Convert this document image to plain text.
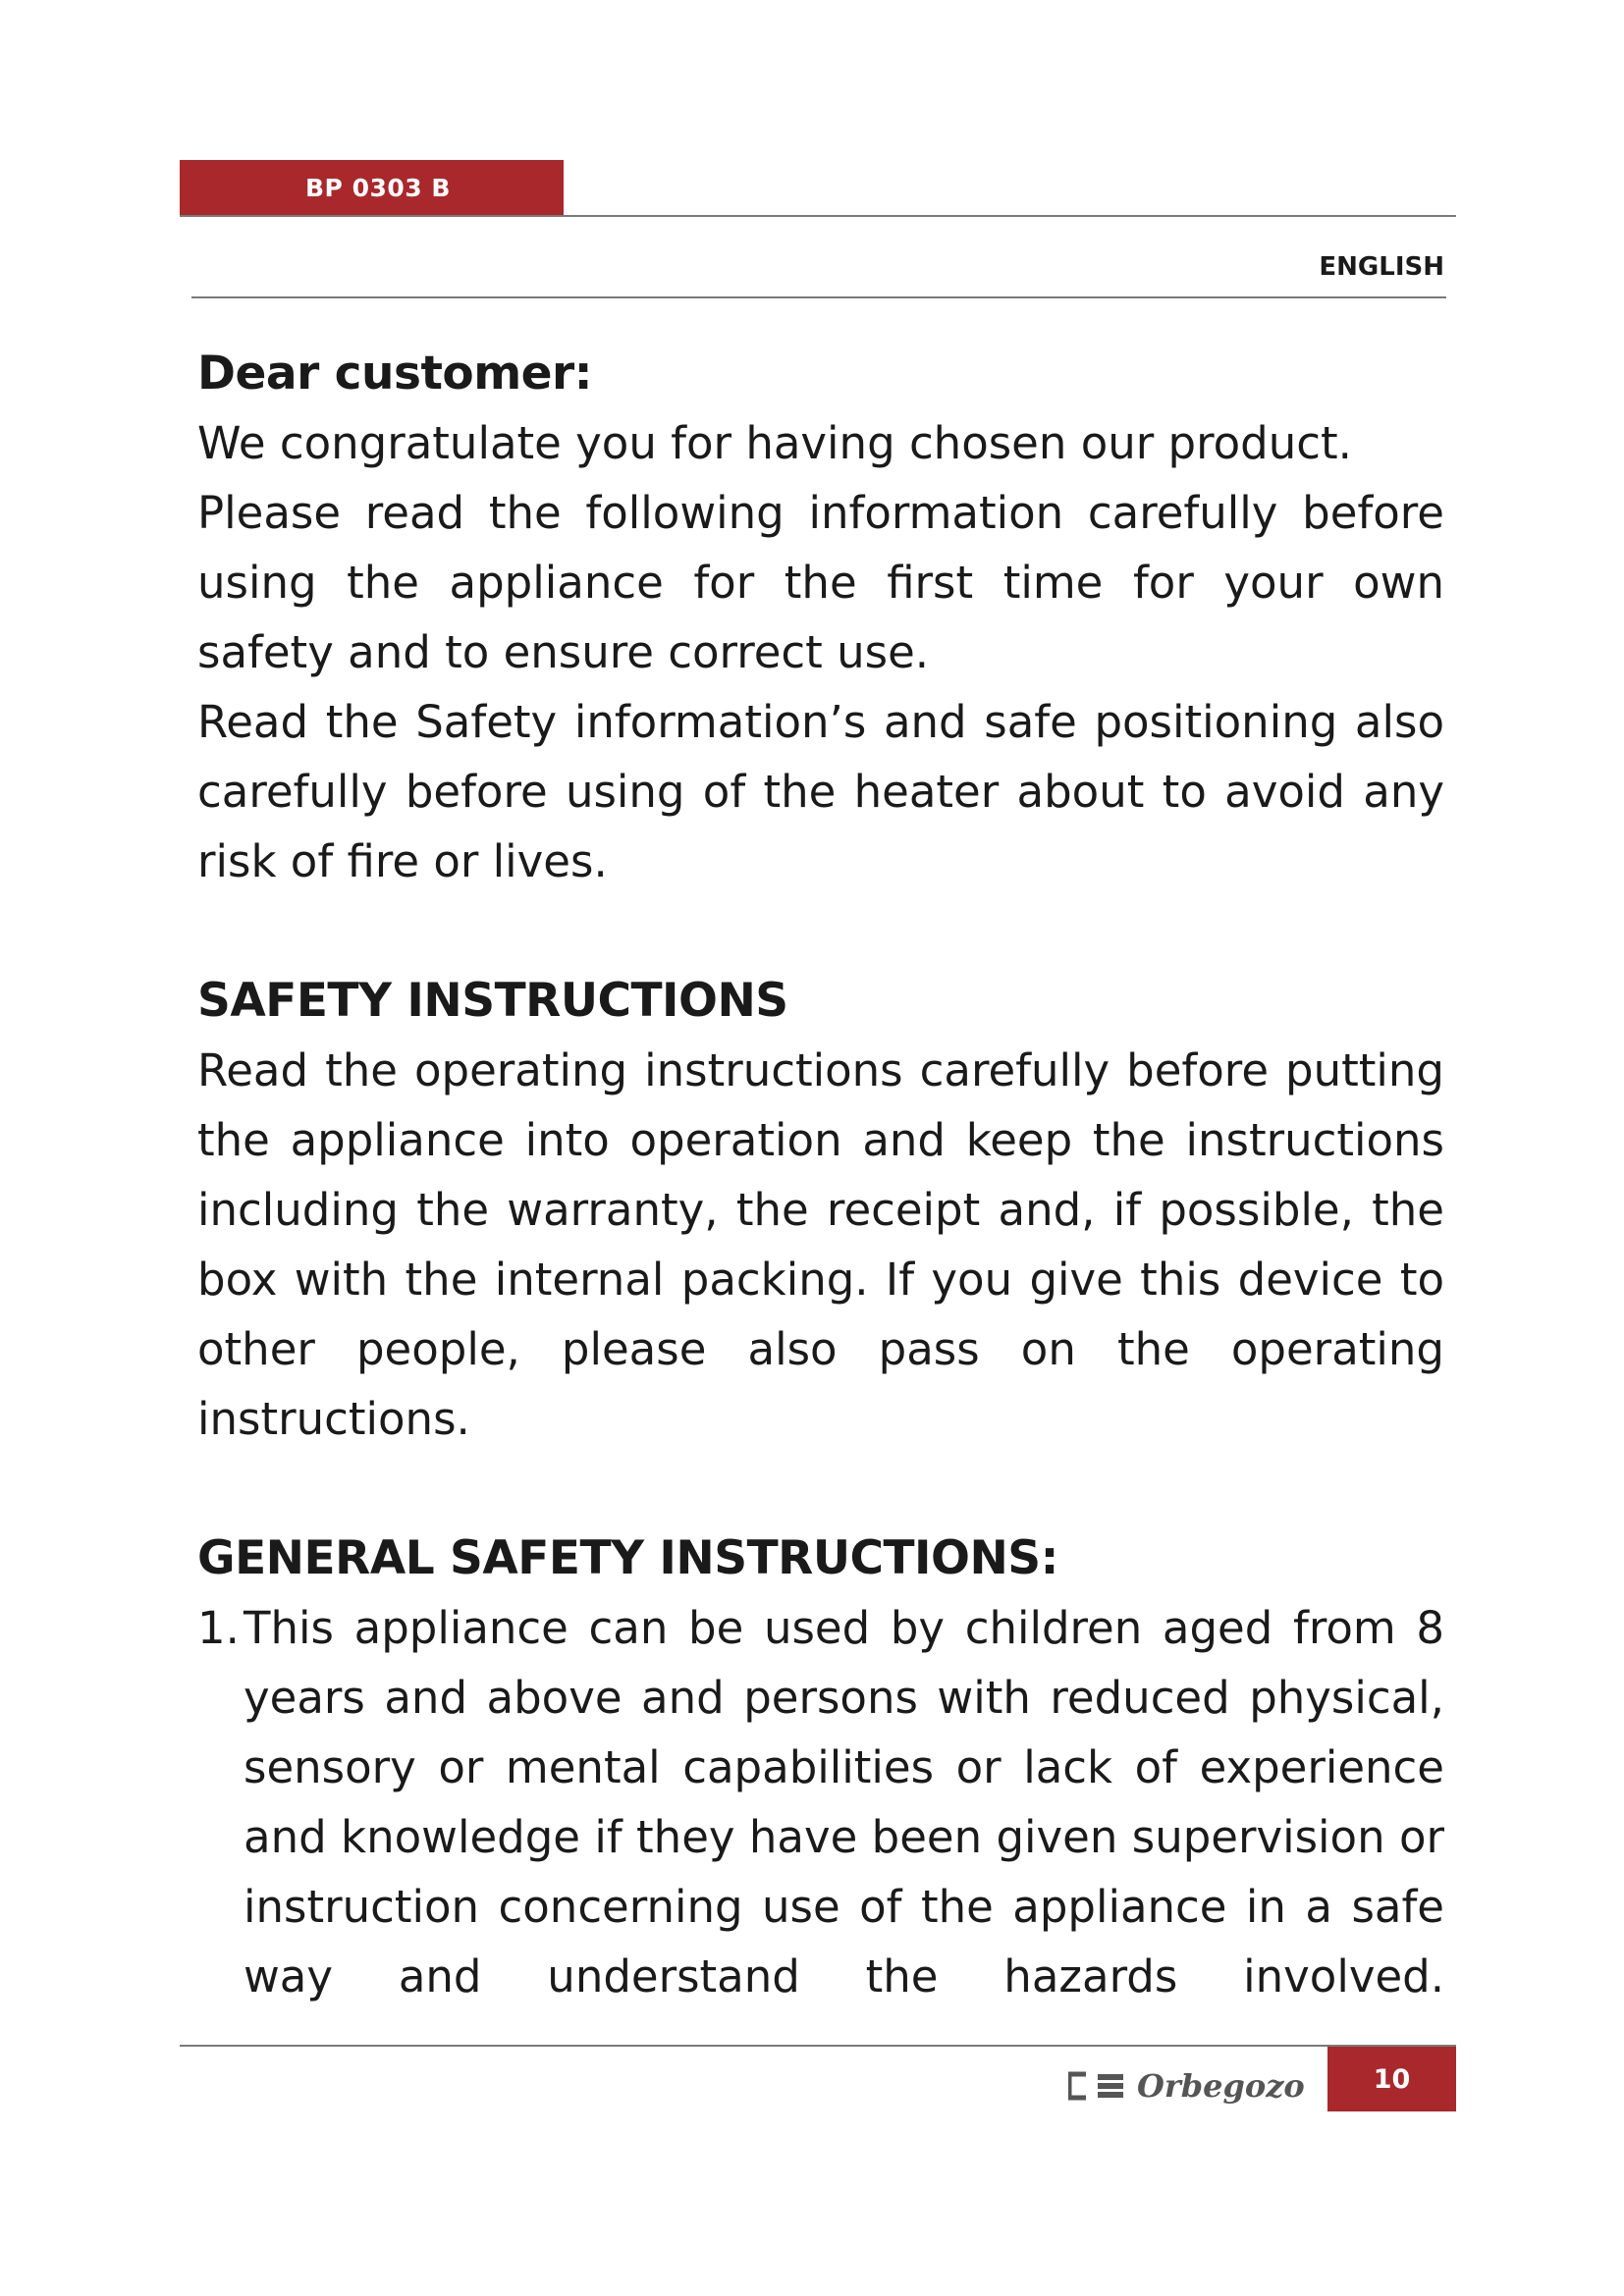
BP 0303 B
ENGLISH
Dear customer:

We congratulate you for having chosen our product.

Please read the following information carefully before using the appliance for the first time for your own safety and to ensure correct use.

Read the Safety information’s and safe positioning also carefully before using of the heater about to avoid any risk of fire or lives.

SAFETY INSTRUCTIONS

Read the operating instructions carefully before putting the appliance into operation and keep the instructions including the warranty, the receipt and, if possible, the box with the internal packing. If you give this device to other people, please also pass on the operating instructions.

GENERAL SAFETY INSTRUCTIONS:
1. This appliance can be used by children aged from 8 years and above and persons with reduced physical, sensory or mental capabilities or lack of experience and knowledge if they have been given supervision or instruction concerning use of the appliance in a safe way and understand the hazards involved.
Orbegozo	10
